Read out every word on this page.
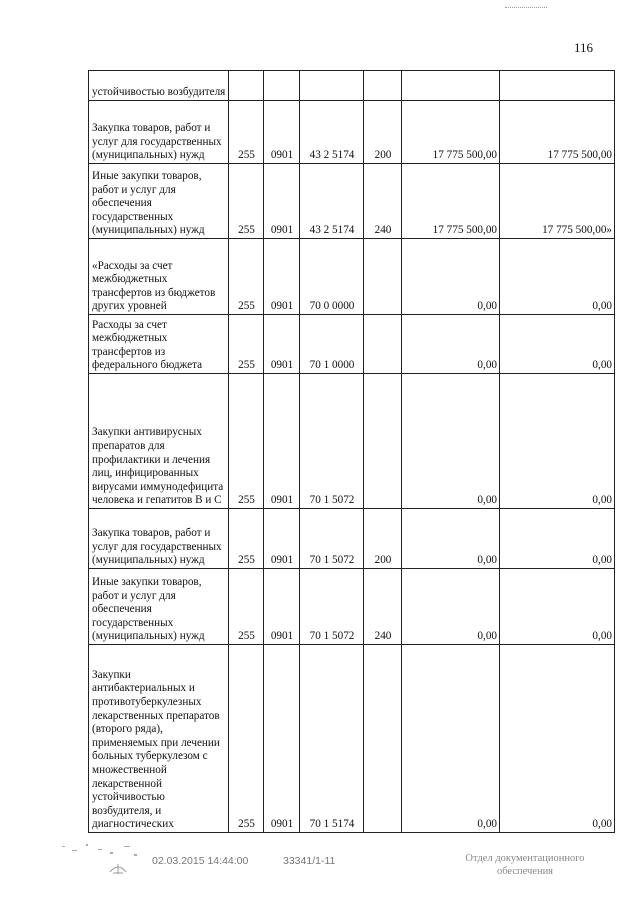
116
устойчивостью возбудителя						
Закупка товаров, работ и услуг для государственных (муниципальных) нужд	255	0901	43 2 5174	200	17 775 500,00	17 775 500,00
Иные закупки товаров, работ и услуг для обеспечения государственных (муниципальных) нужд	255	0901	43 2 5174	240	17 775 500,00	17 775 500,00»
«Расходы за счет межбюджетных трансфертов из бюджетов других уровней	255	0901	70 0 0000		0,00	0,00
Расходы за счет межбюджетных трансфертов из федерального бюджета	255	0901	70 1 0000		0,00	0,00
Закупки антивирусных препаратов для профилактики и лечения лиц, инфицированных вирусами иммунодефицита человека и гепатитов В и С	255	0901	70 1 5072		0,00	0,00
Закупка товаров, работ и услуг для государственных (муниципальных) нужд	255	0901	70 1 5072	200	0,00	0,00
Иные закупки товаров, работ и услуг для обеспечения государственных (муниципальных) нужд	255	0901	70 1 5072	240	0,00	0,00
Закупки антибактериальных и противотуберкулезных лекарственных препаратов (второго ряда), применяемых при лечении больных туберкулезом с множественной лекарственной устойчивостью возбудителя, и диагностических	255	0901	70 1 5174		0,00	0,00
02.03.2015 14:44:00	33341/1-11	Отдел документационного обеспечения
